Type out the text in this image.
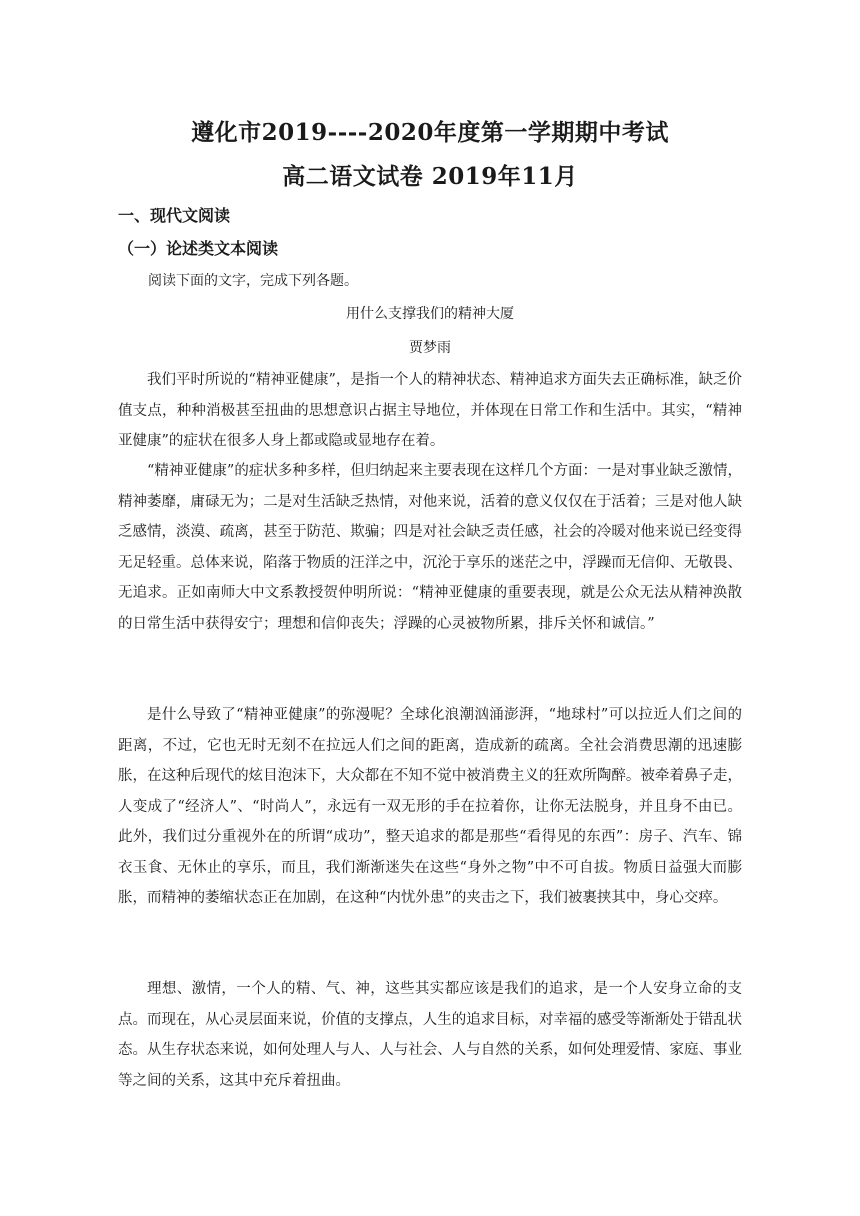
遵化市2019----2020年度第一学期期中考试
高二语文试卷 2019年11月
一、现代文阅读
（一）论述类文本阅读
阅读下面的文字，完成下列各题。
用什么支撑我们的精神大厦
贾梦雨

我们平时所说的“精神亚健康”，是指一个人的精神状态、精神追求方面失去正确标准，缺乏价值支点，种种消极甚至扭曲的思想意识占据主导地位，并体现在日常工作和生活中。其实，“精神亚健康”的症状在很多人身上都或隐或显地存在着。

“精神亚健康”的症状多种多样，但归纳起来主要表现在这样几个方面：一是对事业缺乏激情，精神萎靡，庸碌无为；二是对生活缺乏热情，对他来说，活着的意义仅仅在于活着；三是对他人缺乏感情，淡漠、疏离，甚至于防范、欺骗；四是对社会缺乏责任感，社会的冷暖对他来说已经变得无足轻重。总体来说，陷落于物质的汪洋之中，沉沦于享乐的迷茫之中，浮躁而无信仰、无敬畏、无追求。正如南师大中文系教授贺仲明所说：“精神亚健康的重要表现，就是公众无法从精神涣散的日常生活中获得安宁；理想和信仰丧失；浮躁的心灵被物所累，排斥关怀和诚信。”

是什么导致了“精神亚健康”的弥漫呢？全球化浪潮汹涌澎湃，“地球村”可以拉近人们之间的距离，不过，它也无时无刻不在拉远人们之间的距离，造成新的疏离。全社会消费思潮的迅速膨胀，在这种后现代的炫目泡沫下，大众都在不知不觉中被消费主义的狂欢所陶醉。被牵着鼻子走，人变成了“经济人”、“时尚人”，永远有一双无形的手在拉着你，让你无法脱身，并且身不由已。此外，我们过分重视外在的所谓“成功”，整天追求的都是那些“看得见的东西”：房子、汽车、锦衣玉食、无休止的享乐，而且，我们渐渐迷失在这些“身外之物”中不可自拔。物质日益强大而膨胀，而精神的萎缩状态正在加剧，在这种“内忧外患”的夹击之下，我们被裹挟其中，身心交瘁。

理想、激情，一个人的精、气、神，这些其实都应该是我们的追求，是一个人安身立命的支点。而现在，从心灵层面来说，价值的支撑点，人生的追求目标，对幸福的感受等渐渐处于错乱状态。从生存状态来说，如何处理人与人、人与社会、人与自然的关系，如何处理爱情、家庭、事业等之间的关系，这其中充斥着扭曲。
